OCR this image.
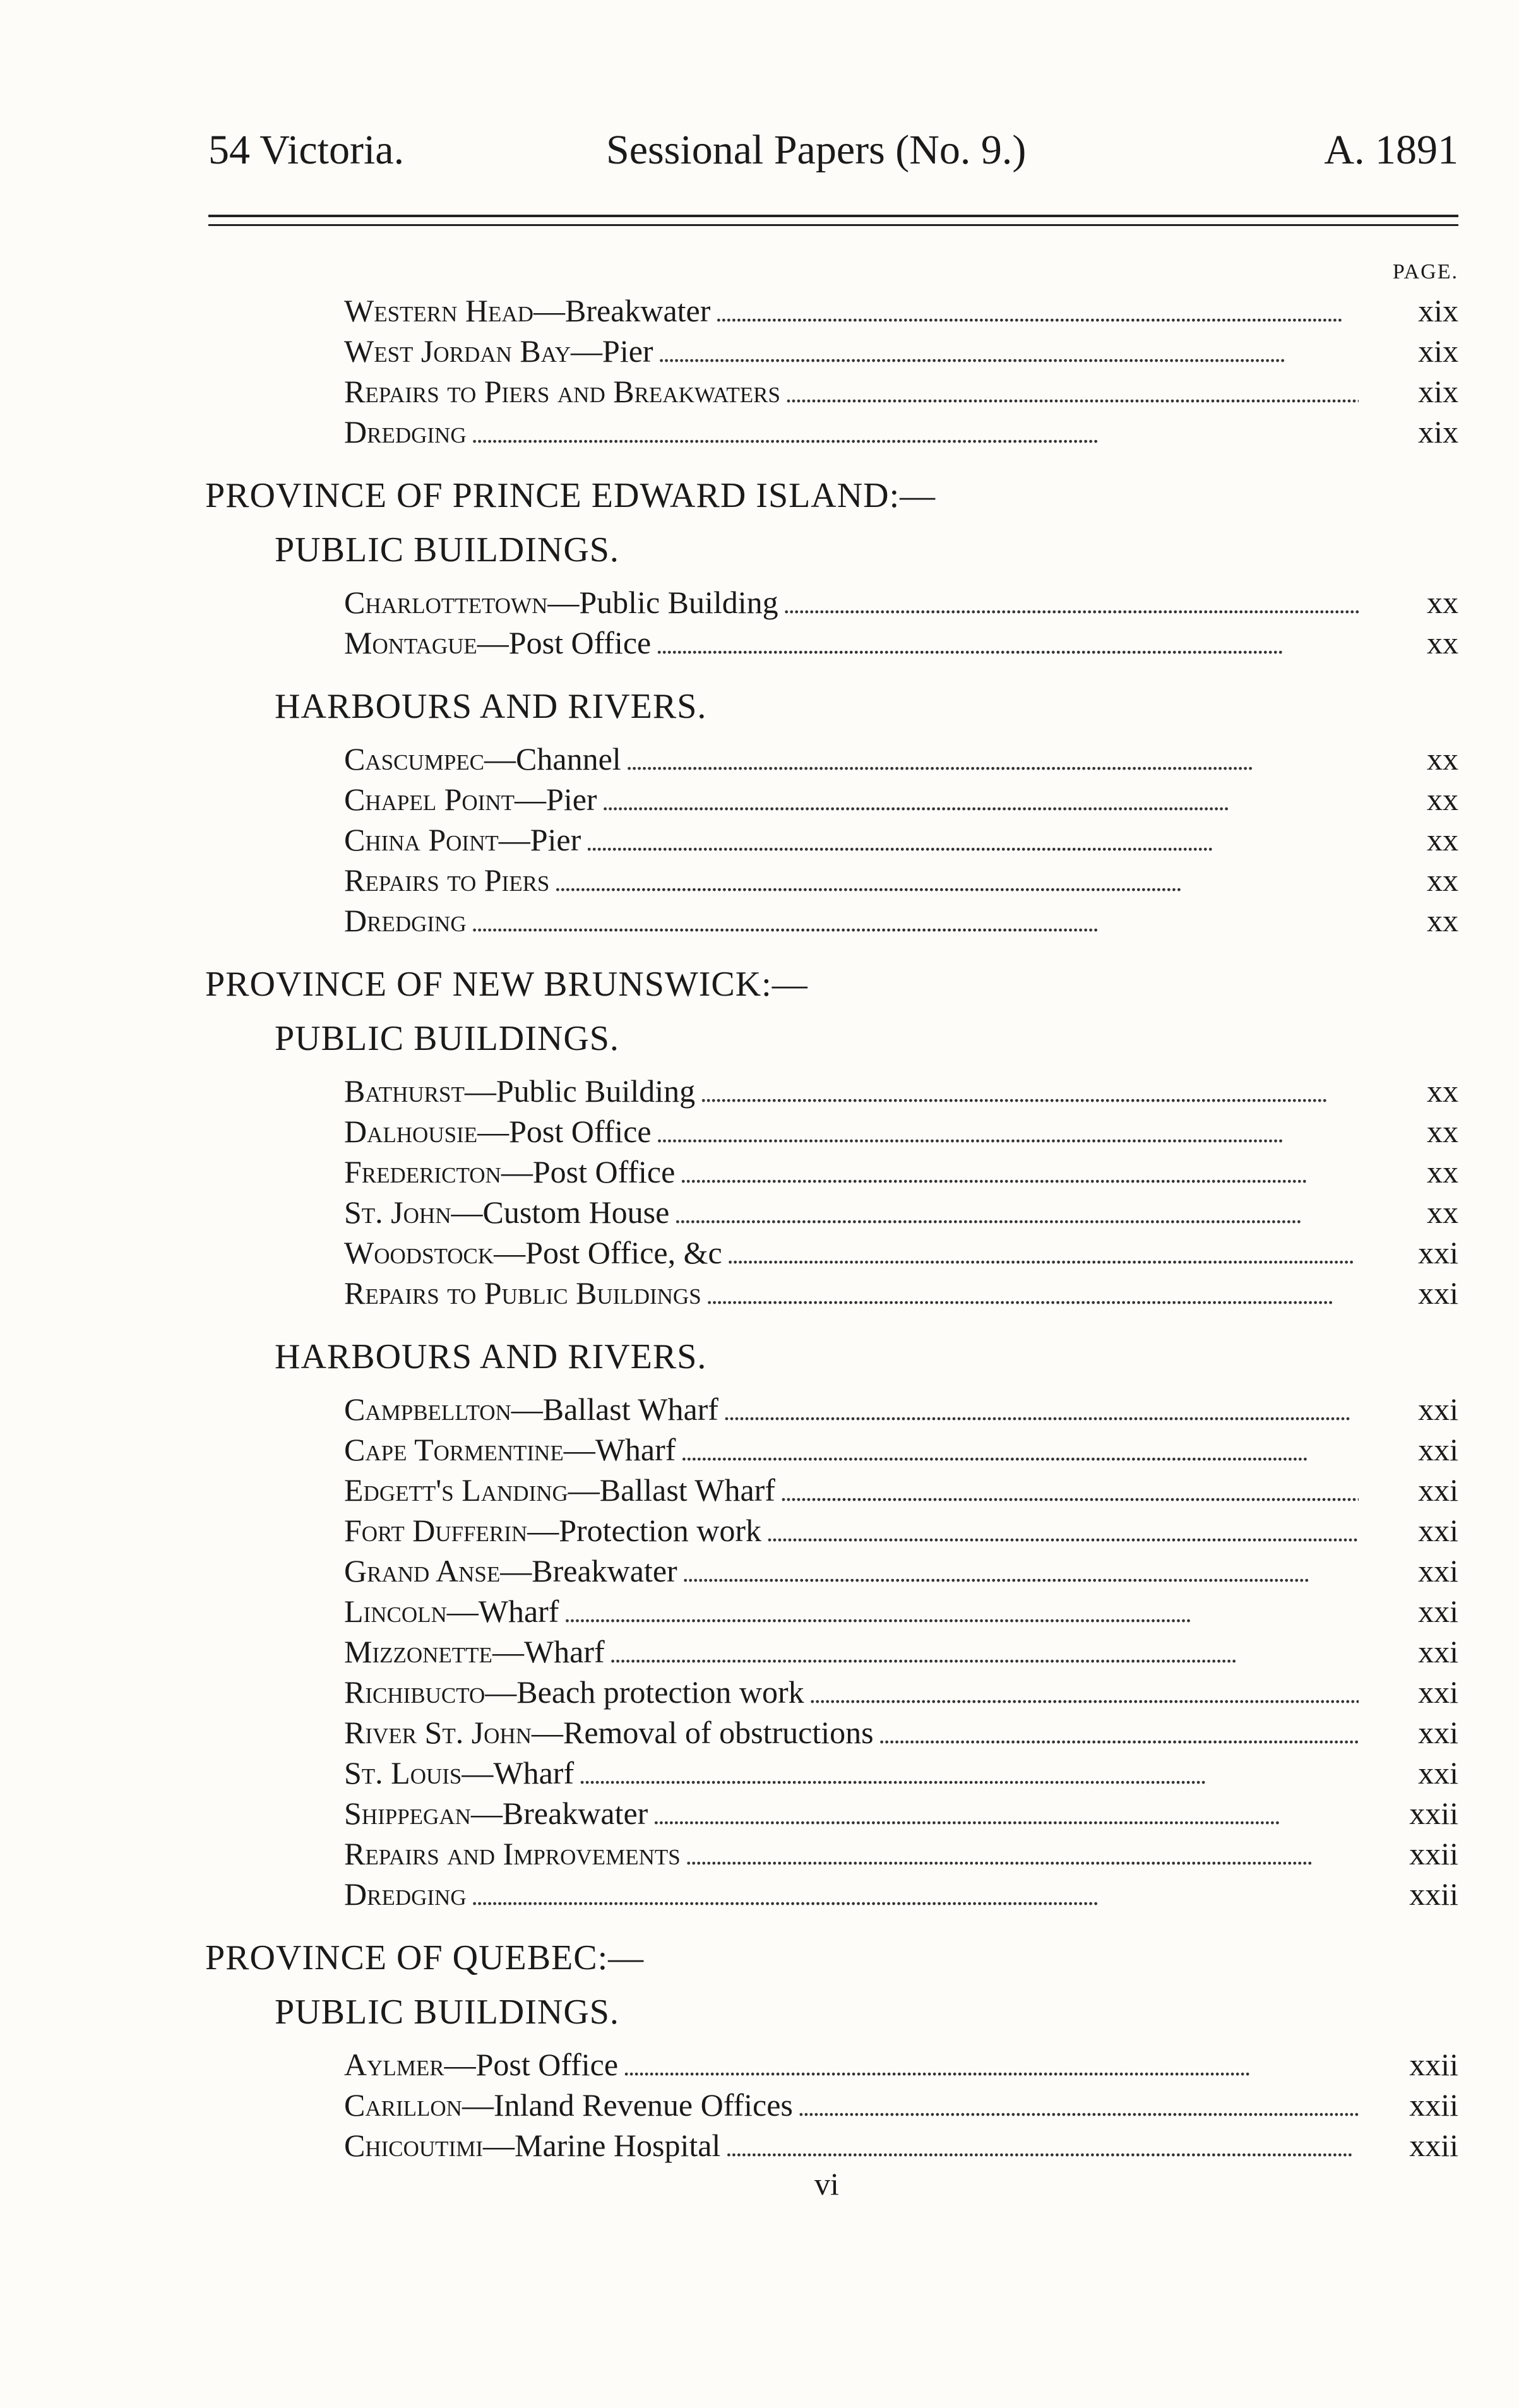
54 Victoria.	Sessional Papers (No. 9.)	A. 1891
PAGE.
Western Head—Breakwater . . .	xix
West Jordan Bay—Pier . . .	xix
Repairs to Piers and Breakwaters . . .	xix
Dredging . . .	xix
PROVINCE OF PRINCE EDWARD ISLAND:—
PUBLIC BUILDINGS.
Charlottetown—Public Building . . .	xx
Montague—Post Office . . .	xx
HARBOURS AND RIVERS.
Cascumpec—Channel . . .	xx
Chapel Point—Pier . . .	xx
China Point—Pier . . .	xx
Repairs to Piers . . .	xx
Dredging . . .	xx
PROVINCE OF NEW BRUNSWICK:—
PUBLIC BUILDINGS.
Bathurst—Public Building . . .	xx
Dalhousie—Post Office . . .	xx
Fredericton—Post Office . . .	xx
St. John—Custom House . . .	xx
Woodstock—Post Office, &c . . .	xxi
Repairs to Public Buildings . . .	xxi
HARBOURS AND RIVERS.
Campbellton—Ballast Wharf . . .	xxi
Cape Tormentine—Wharf . . .	xxi
Edgett's Landing—Ballast Wharf . . .	xxi
Fort Dufferin—Protection work . . .	xxi
Grand Anse—Breakwater . . .	xxi
Lincoln—Wharf . . .	xxi
Mizzonette—Wharf . . .	xxi
Richibucto—Beach protection work . . .	xxi
River St. John—Removal of obstructions . . .	xxi
St. Louis—Wharf . . .	xxi
Shippegan—Breakwater . . .	xxii
Repairs and Improvements . . .	xxii
Dredging . . .	xxii
PROVINCE OF QUEBEC:—
PUBLIC BUILDINGS.
Aylmer—Post Office . . .	xxii
Carillon—Inland Revenue Offices . . .	xxii
Chicoutimi—Marine Hospital . . .	xxii
vi
